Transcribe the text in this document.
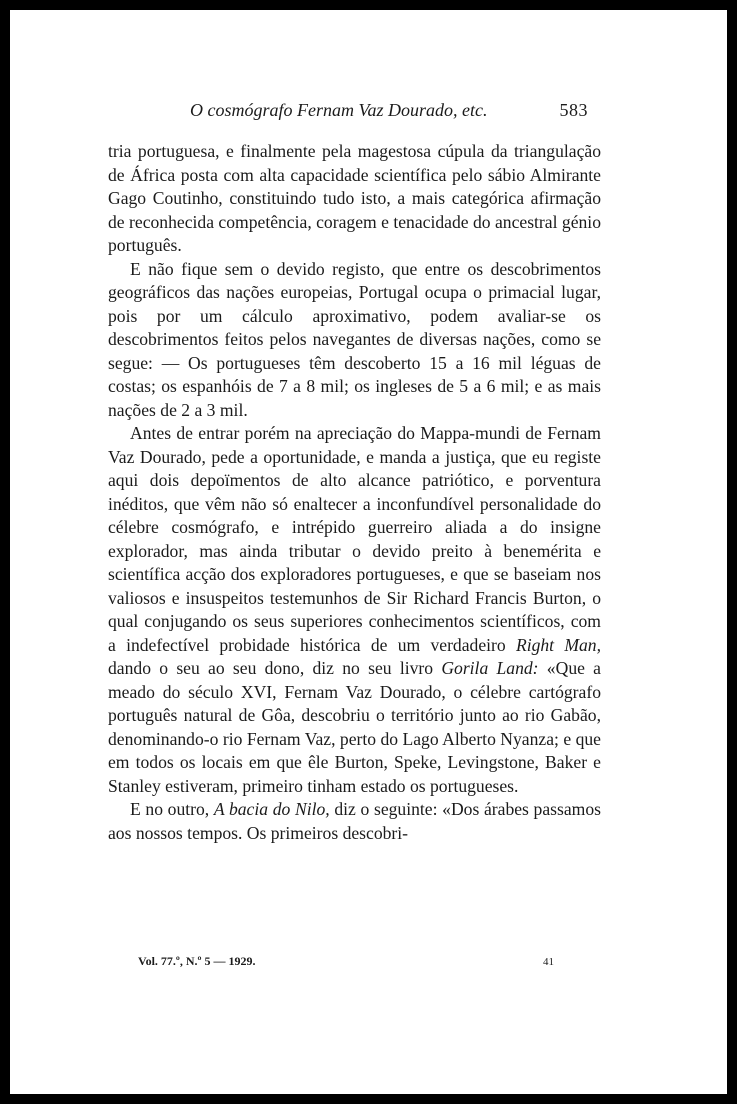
O cosmógrafo Fernam Vaz Dourado, etc.	583

tria portuguesa, e finalmente pela magestosa cúpula da triangulação de África posta com alta capacidade scientífica pelo sábio Almirante Gago Coutinho, constituindo tudo isto, a mais categórica afirmação de reconhecida competência, coragem e tenacidade do ancestral génio português.

E não fique sem o devido registo, que entre os descobrimentos geográficos das nações europeias, Portugal ocupa o primacial lugar, pois por um cálculo aproximativo, podem avaliar-se os descobrimentos feitos pelos navegantes de diversas nações, como se segue: — Os portugueses têm descoberto 15 a 16 mil léguas de costas; os espanhóis de 7 a 8 mil; os ingleses de 5 a 6 mil; e as mais nações de 2 a 3 mil.

Antes de entrar porém na apreciação do Mappa-mundi de Fernam Vaz Dourado, pede a oportunidade, e manda a justiça, que eu registe aqui dois depoïmentos de alto alcance patriótico, e porventura inéditos, que vêm não só enaltecer a inconfundível personalidade do célebre cosmógrafo, e intrépido guerreiro aliada a do insigne explorador, mas ainda tributar o devido preito à benemérita e scientífica acção dos exploradores portugueses, e que se baseiam nos valiosos e insuspeitos testemunhos de Sir Richard Francis Burton, o qual conjugando os seus superiores conhecimentos scientíficos, com a indefectível probidade histórica de um verdadeiro Right Man, dando o seu ao seu dono, diz no seu livro Gorila Land: «Que a meado do século XVI, Fernam Vaz Dourado, o célebre cartógrafo português natural de Gôa, descobriu o território junto ao rio Gabão, denominando-o rio Fernam Vaz, perto do Lago Alberto Nyanza; e que em todos os locais em que êle Burton, Speke, Levingstone, Baker e Stanley estiveram, primeiro tinham estado os portugueses.

E no outro, A bacia do Nilo, diz o seguinte: «Dos árabes passamos aos nossos tempos. Os primeiros descobri-

Vol. 77.º, N.º 5 — 1929.	41
